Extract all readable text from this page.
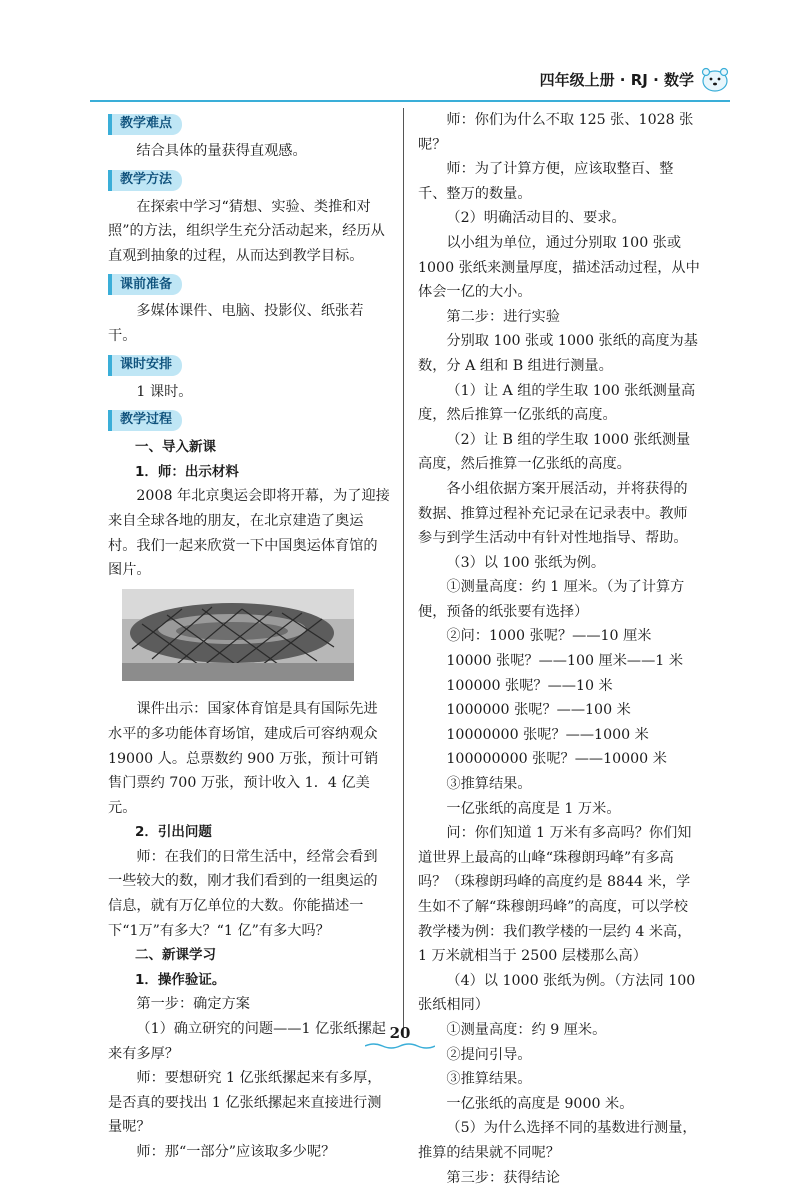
四年级上册 · RJ · 数学
教学难点

结合具体的量获得直观感。

教学方法

在探索中学习“猜想、实验、类推和对照”的方法，组织学生充分活动起来，经历从直观到抽象的过程，从而达到教学目标。

课前准备

多媒体课件、电脑、投影仪、纸张若干。

课时安排

1 课时。

教学过程

一、导入新课

1．师：出示材料

2008 年北京奥运会即将开幕，为了迎接来自全球各地的朋友，在北京建造了奥运村。我们一起来欣赏一下中国奥运体育馆的图片。

课件出示：国家体育馆是具有国际先进水平的多功能体育场馆，建成后可容纳观众 19000 人。总票数约 900 万张，预计可销售门票约 700 万张，预计收入 1．4 亿美元。

2．引出问题

师：在我们的日常生活中，经常会看到一些较大的数，刚才我们看到的一组奥运的信息，就有万亿单位的大数。你能描述一下“1万”有多大？“1 亿”有多大吗？

二、新课学习

1．操作验证。

第一步：确定方案

（1）确立研究的问题——1 亿张纸摞起来有多厚？

师：要想研究 1 亿张纸摞起来有多厚，是否真的要找出 1 亿张纸摞起来直接进行测量呢？

师：那“一部分”应该取多少呢？

师：你们为什么不取 125 张、1028 张呢？

师：为了计算方便，应该取整百、整千、整万的数量。

（2）明确活动目的、要求。

以小组为单位，通过分别取 100 张或 1000 张纸来测量厚度，描述活动过程，从中体会一亿的大小。

第二步：进行实验

分别取 100 张或 1000 张纸的高度为基数，分 A 组和 B 组进行测量。

（1）让 A 组的学生取 100 张纸测量高度，然后推算一亿张纸的高度。

（2）让 B 组的学生取 1000 张纸测量高度，然后推算一亿张纸的高度。

各小组依据方案开展活动，并将获得的数据、推算过程补充记录在记录表中。教师参与到学生活动中有针对性地指导、帮助。

（3）以 100 张纸为例。

①测量高度：约 1 厘米。（为了计算方便，预备的纸张要有选择）

②问：1000 张呢？——10 厘米

10000 张呢？——100 厘米——1 米

100000 张呢？——10 米

1000000 张呢？——100 米

10000000 张呢？——1000 米

100000000 张呢？——10000 米

③推算结果。

一亿张纸的高度是 1 万米。

问：你们知道 1 万米有多高吗？你们知道世界上最高的山峰“珠穆朗玛峰”有多高吗？（珠穆朗玛峰的高度约是 8844 米，学生如不了解“珠穆朗玛峰”的高度，可以学校教学楼为例：我们教学楼的一层约 4 米高，1 万米就相当于 2500 层楼那么高）

（4）以 1000 张纸为例。（方法同 100 张纸相同）

①测量高度：约 9 厘米。

②提问引导。

③推算结果。

一亿张纸的高度是 9000 米。

（5）为什么选择不同的基数进行测量，推算的结果就不同呢？

第三步：获得结论

20
